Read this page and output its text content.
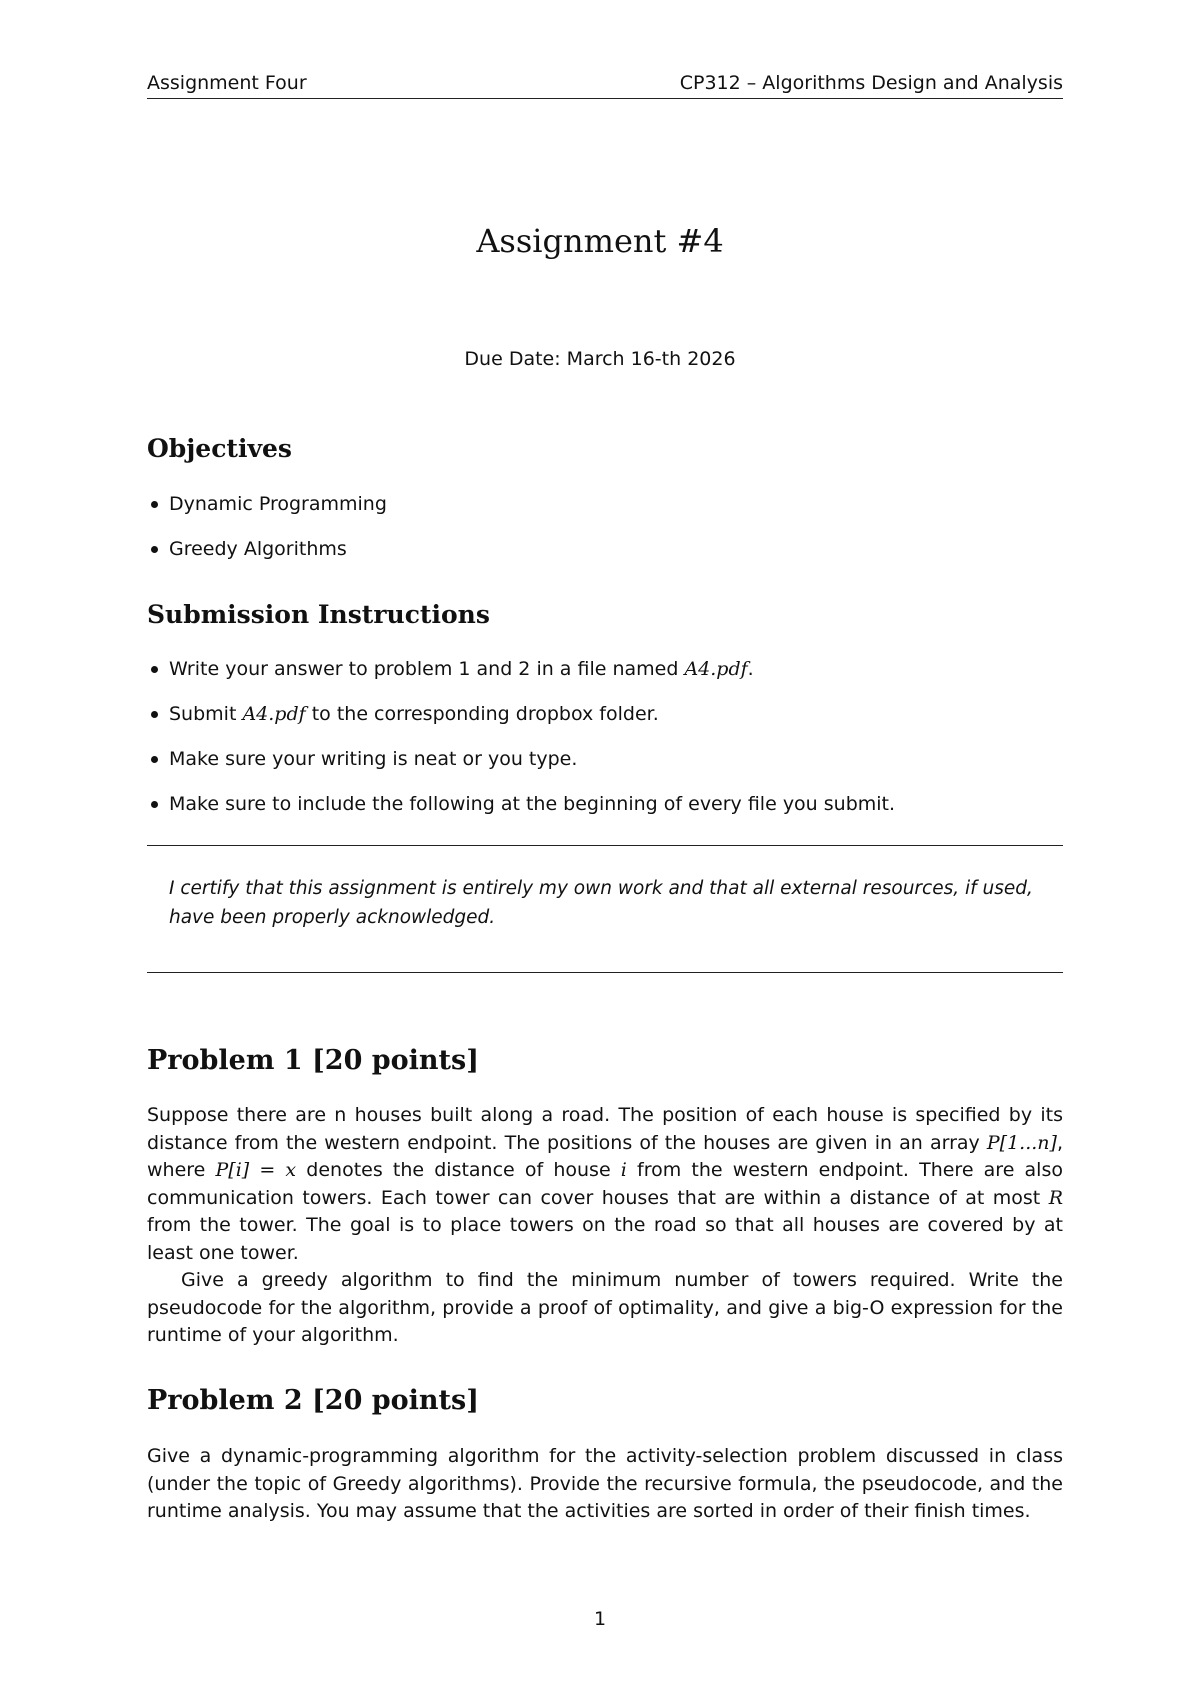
Assignment Four	CP312 – Algorithms Design and Analysis
Assignment #4
Due Date: March 16-th 2026
Objectives
Dynamic Programming
Greedy Algorithms
Submission Instructions
Write your answer to problem 1 and 2 in a file named A4.pdf.
Submit A4.pdf to the corresponding dropbox folder.
Make sure your writing is neat or you type.
Make sure to include the following at the beginning of every file you submit.
I certify that this assignment is entirely my own work and that all external resources, if used, have been properly acknowledged.
Problem 1 [20 points]
Suppose there are n houses built along a road. The position of each house is specified by its distance from the western endpoint. The positions of the houses are given in an array P[1...n], where P[i] = x denotes the distance of house i from the western endpoint. There are also communication towers. Each tower can cover houses that are within a distance of at most R from the tower. The goal is to place towers on the road so that all houses are covered by at least one tower.
Give a greedy algorithm to find the minimum number of towers required. Write the pseudocode for the algorithm, provide a proof of optimality, and give a big-O expression for the runtime of your algorithm.
Problem 2 [20 points]
Give a dynamic-programming algorithm for the activity-selection problem discussed in class (under the topic of Greedy algorithms). Provide the recursive formula, the pseudocode, and the runtime analysis. You may assume that the activities are sorted in order of their finish times.
1
